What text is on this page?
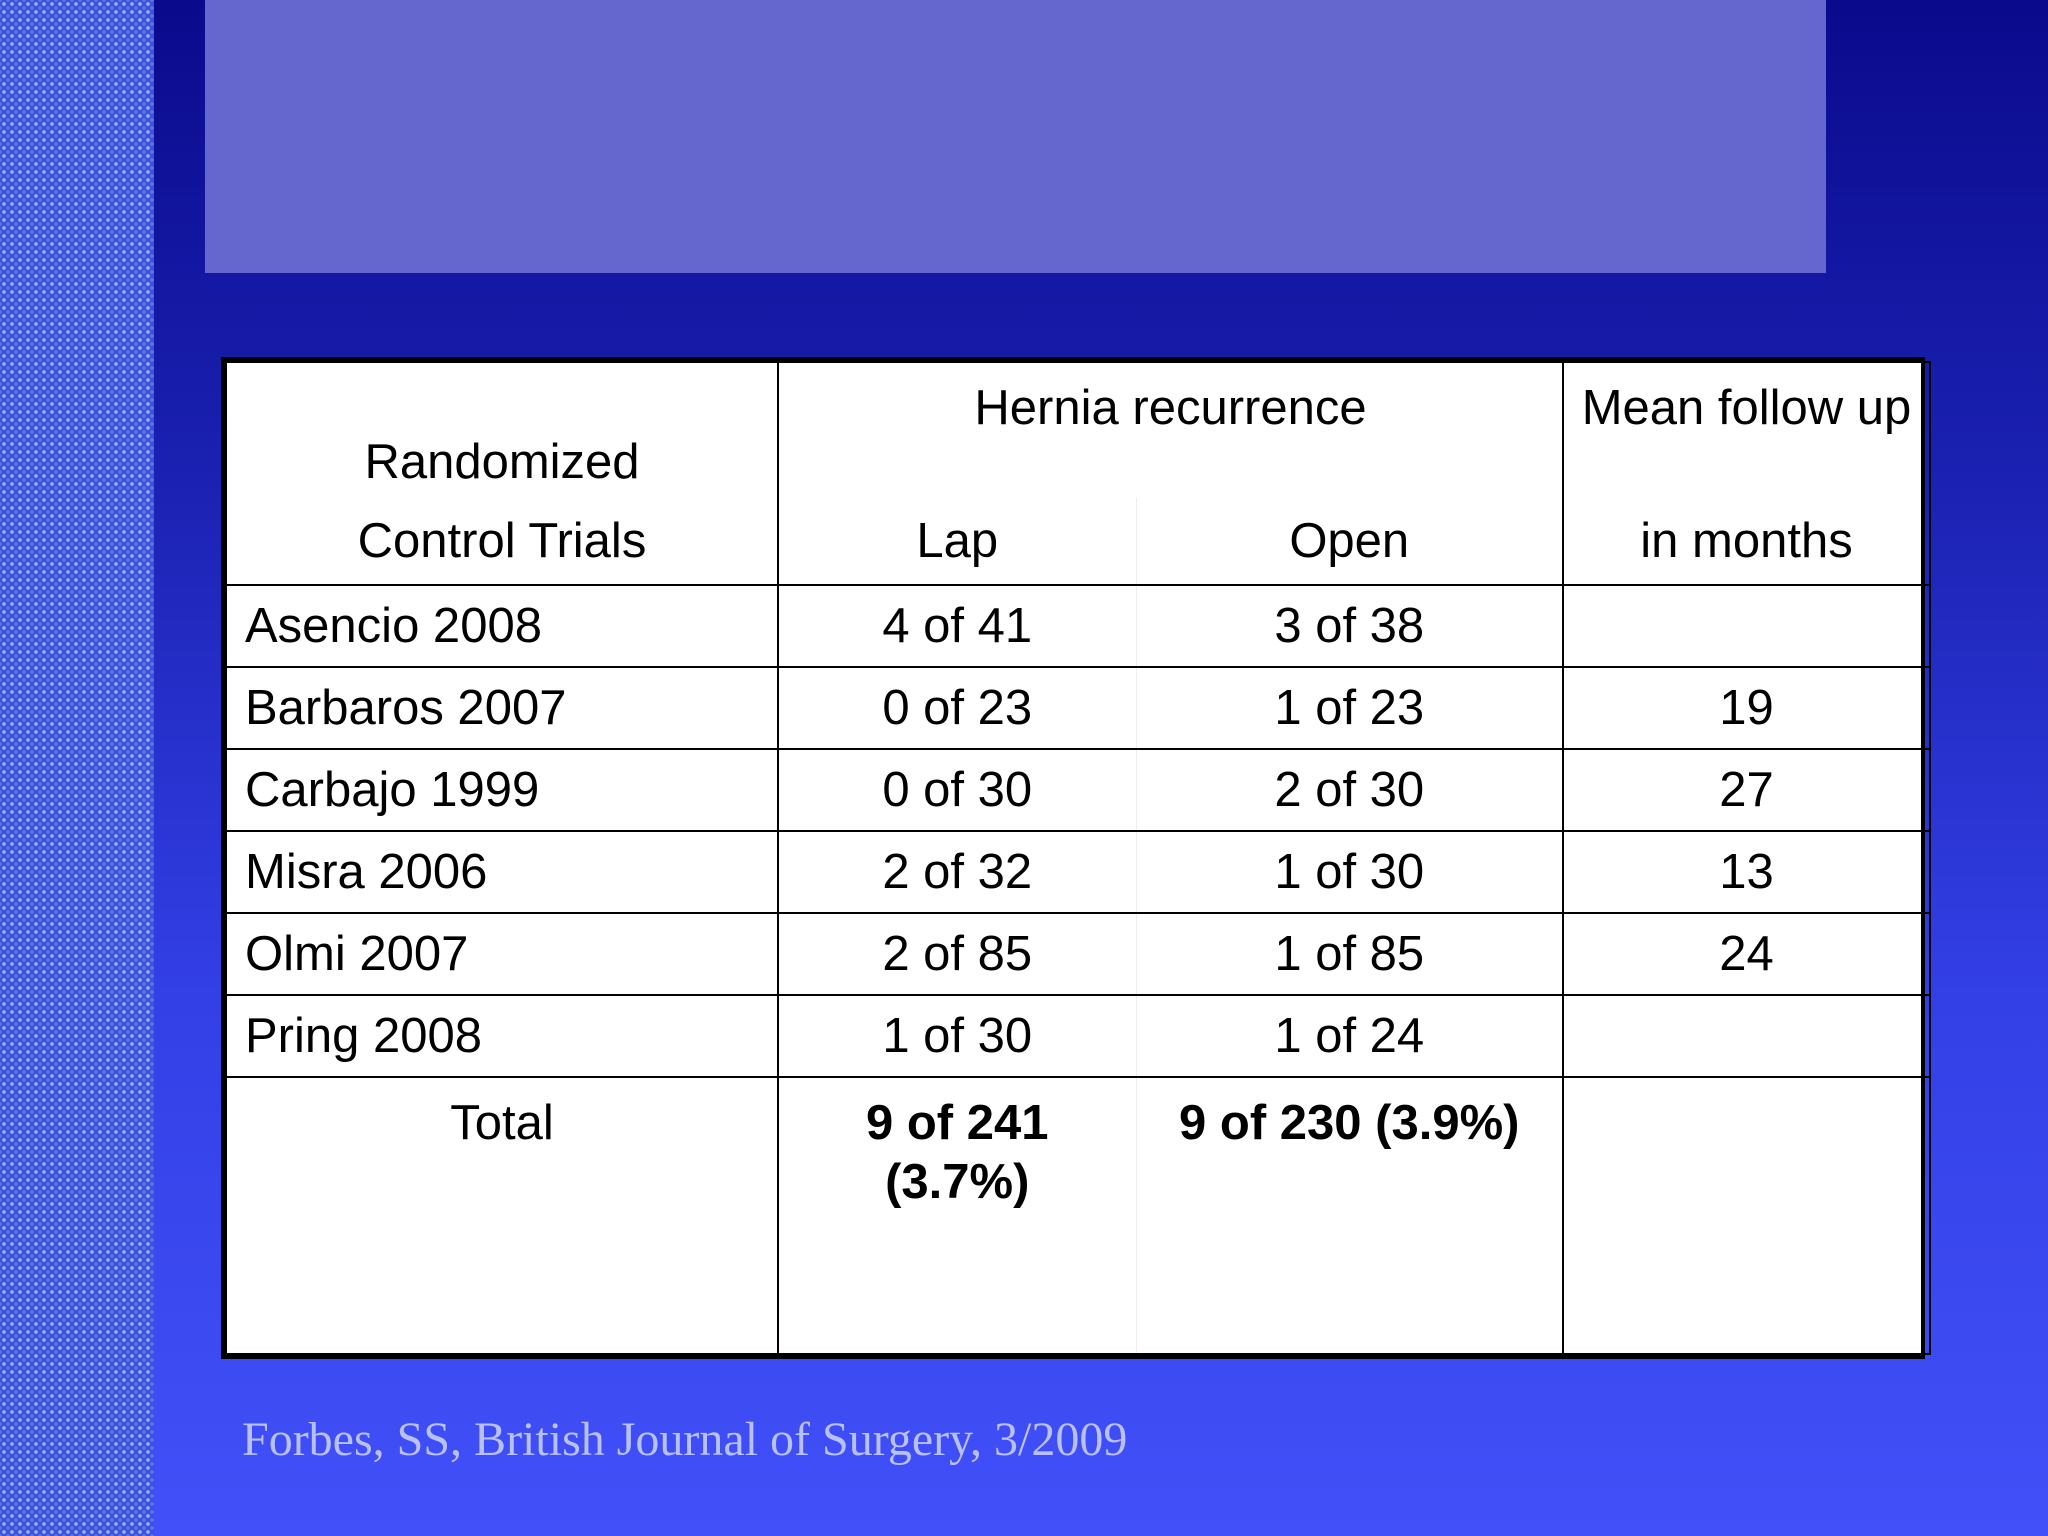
Randomized	Hernia recurrence		Mean follow up
Control Trials	Lap	Open	in months
Asencio 2008	4 of 41	3 of 38	
Barbaros 2007	0 of 23	1 of 23	19
Carbajo 1999	0 of 30	2 of 30	27
Misra 2006	2 of 32	1 of 30	13
Olmi 2007	2 of 85	1 of 85	24
Pring 2008	1 of 30	1 of 24	
Total	9 of 241 (3.7%)	9 of 230 (3.9%)	
Forbes, SS, British Journal of Surgery, 3/2009
